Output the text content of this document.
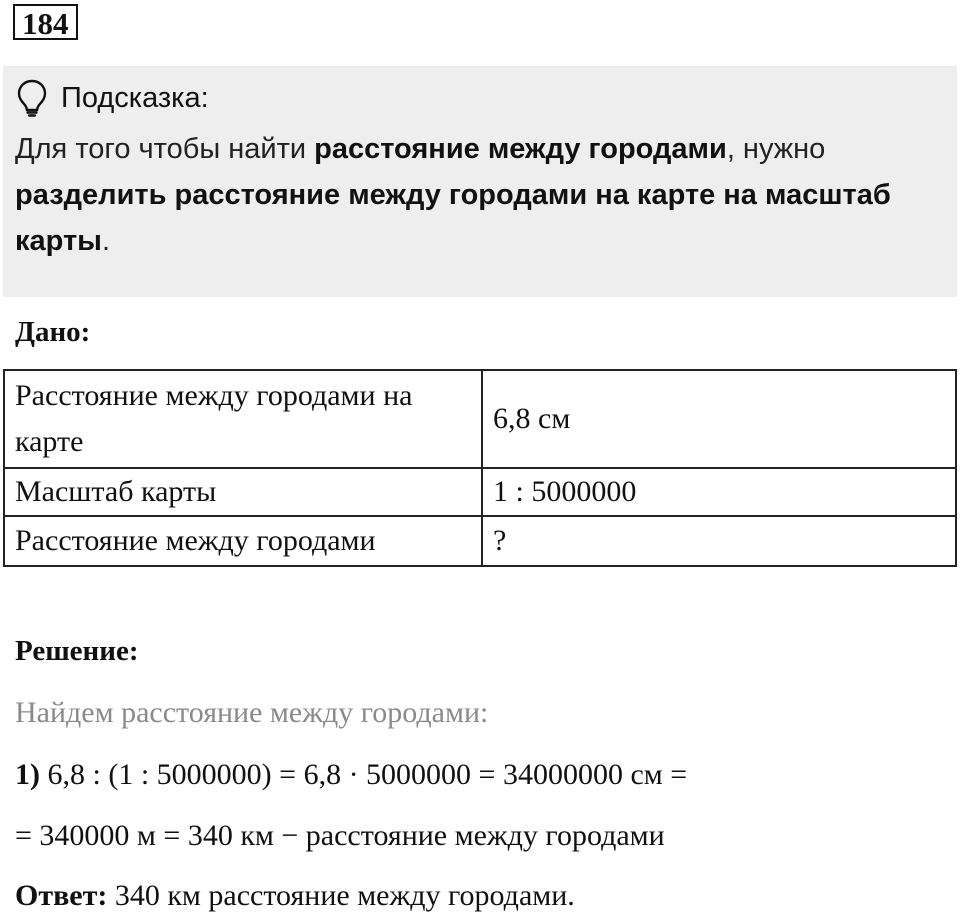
184
Подсказка:
Для того чтобы найти расстояние между городами, нужно разделить расстояние между городами на карте на масштаб карты.
Дано:
Расстояние между городами на карте	6,8 см
Масштаб карты	1 : 5000000
Расстояние между городами	?
Решение:
Найдем расстояние между городами:
1) 6,8 : (1 : 5000000) = 6,8 · 5000000 = 34000000 см =
= 340000 м = 340 км − расстояние между городами
Ответ: 340 км расстояние между городами.
